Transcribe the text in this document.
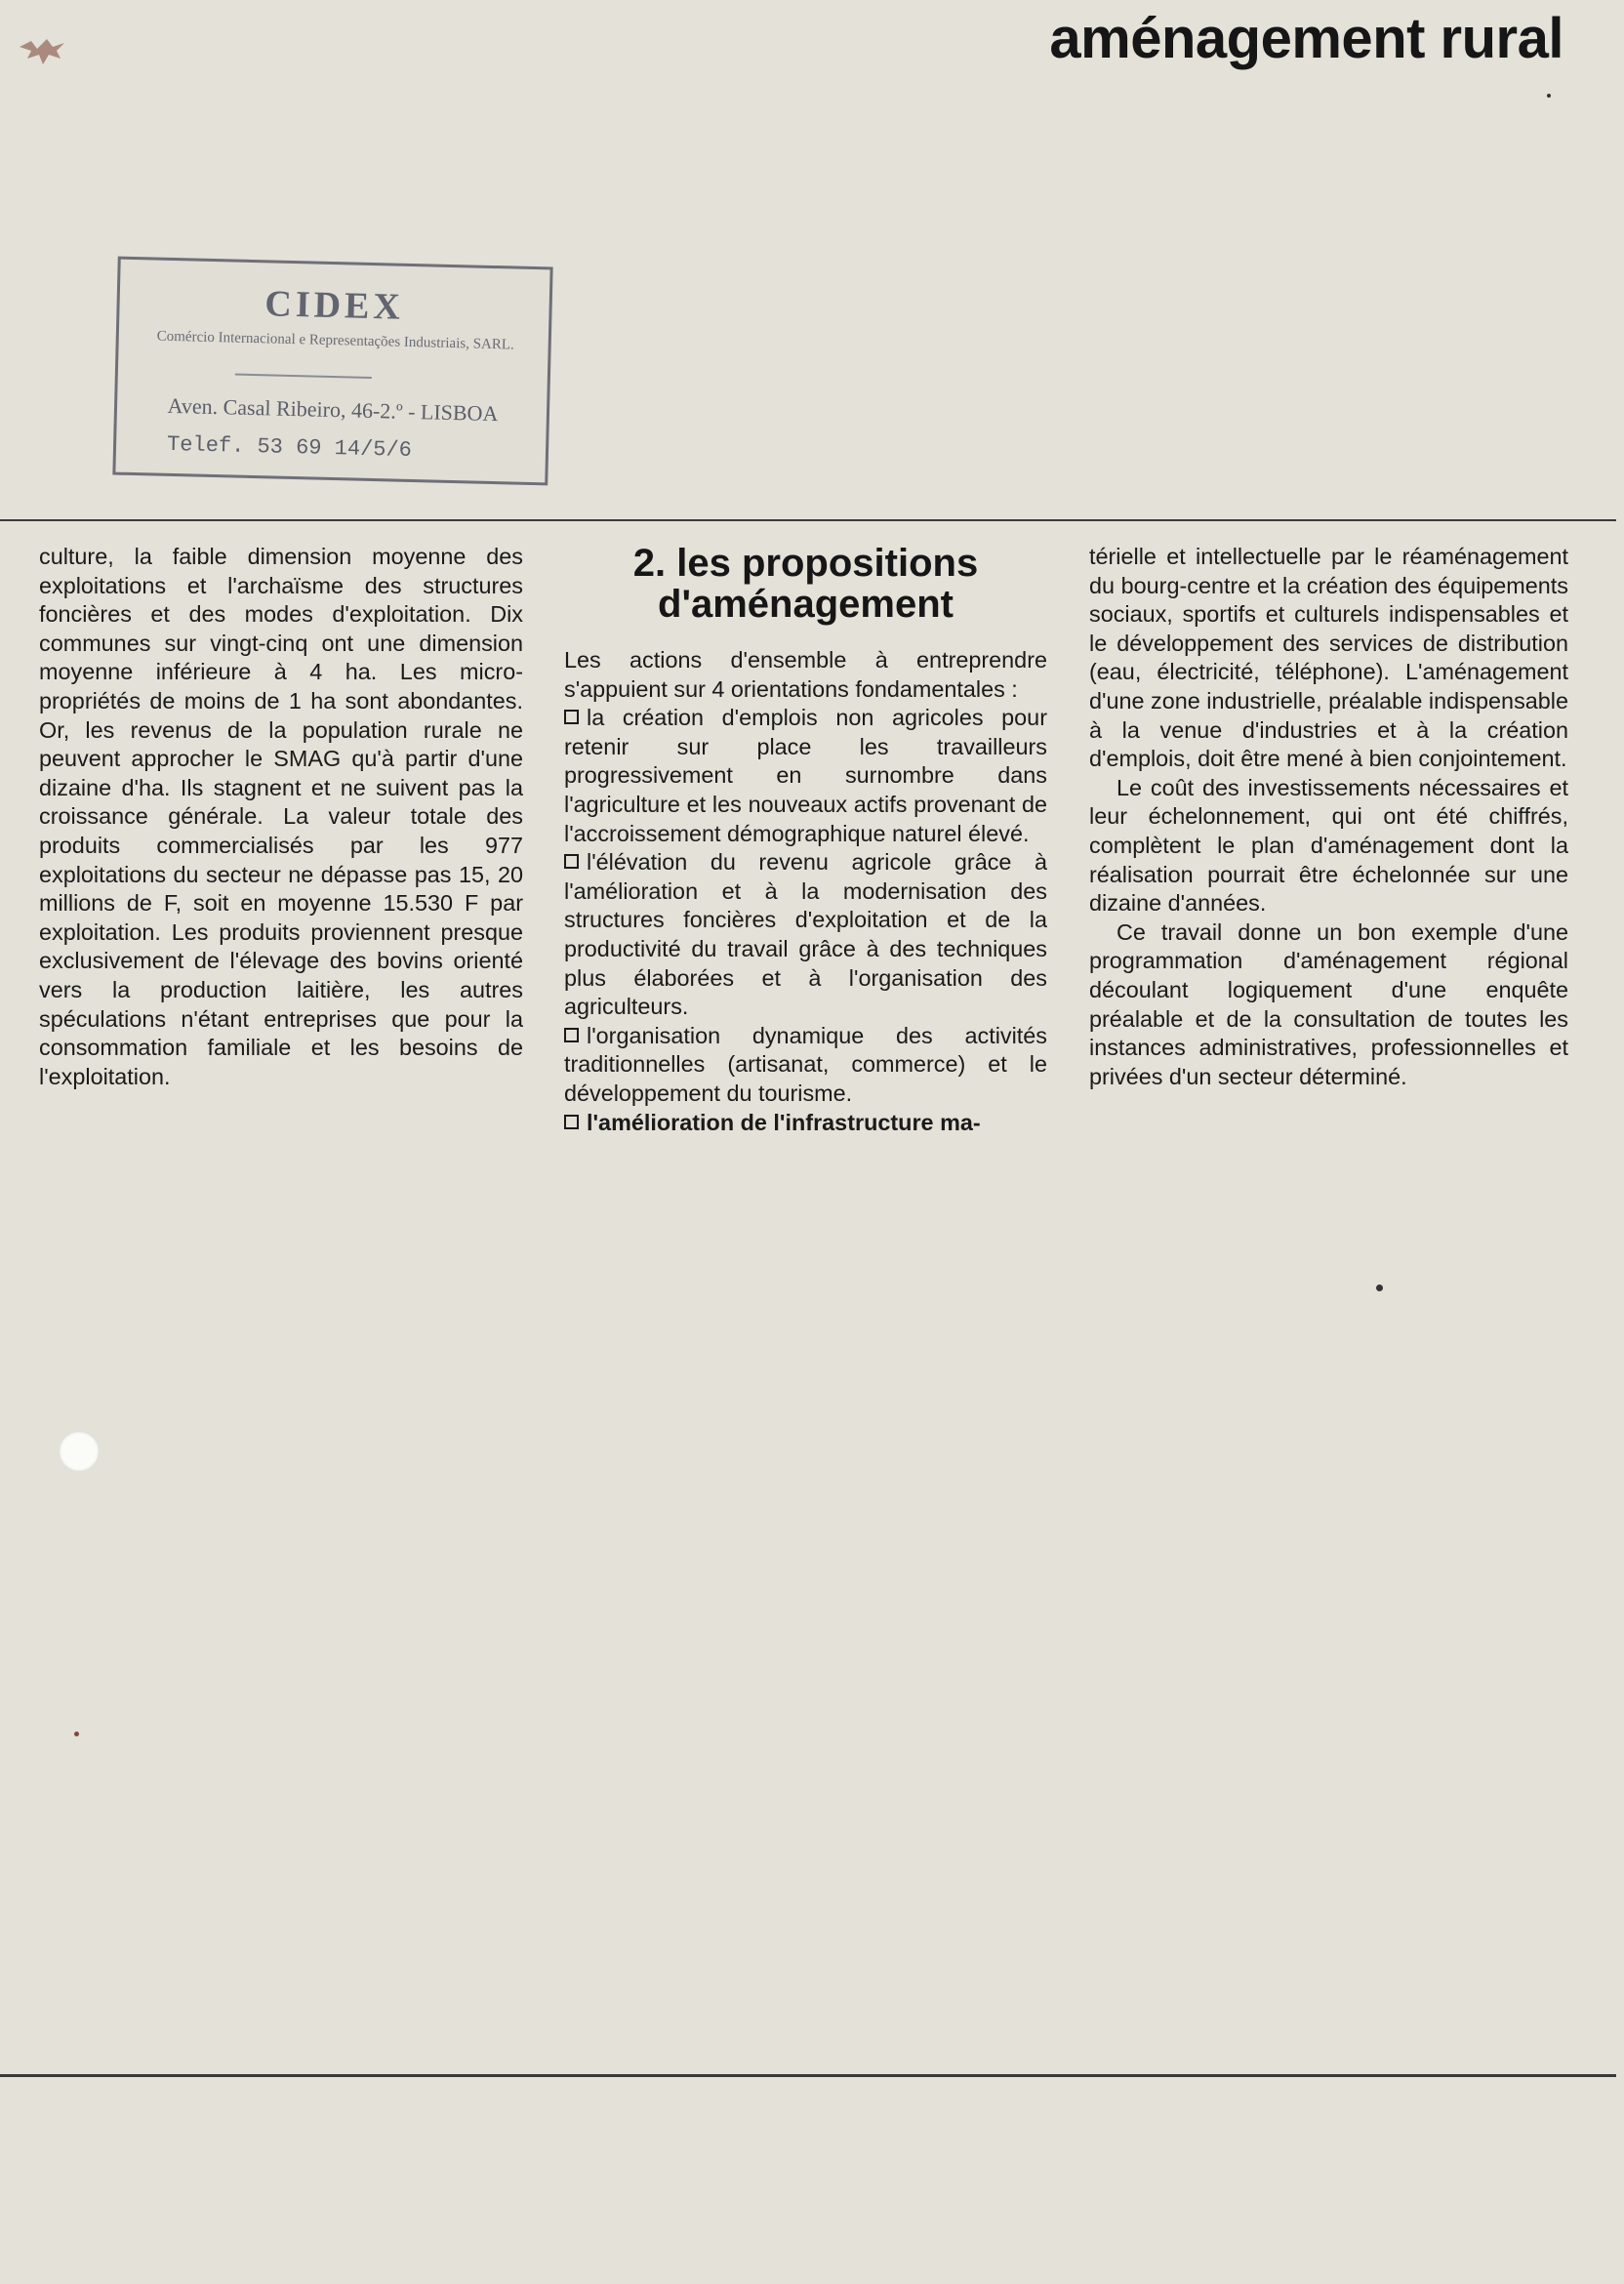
aménagement rural
CIDEX
Comércio Internacional e Representações Industriais, SARL.
Aven. Casal Ribeiro, 46-2.º - LISBOA
Telef. 53 69 14/5/6

culture, la faible dimension moyenne des exploitations et l'archaïsme des structures foncières et des modes d'exploitation. Dix communes sur vingt-cinq ont une dimension moyenne inférieure à 4 ha. Les micro-propriétés de moins de 1 ha sont abondantes. Or, les revenus de la population rurale ne peuvent approcher le SMAG qu'à partir d'une dizaine d'ha. Ils stagnent et ne suivent pas la croissance générale. La valeur totale des produits commercialisés par les 977 exploitations du secteur ne dépasse pas 15, 20 millions de F, soit en moyenne 15.530 F par exploitation. Les produits proviennent presque exclusivement de l'élevage des bovins orienté vers la production laitière, les autres spéculations n'étant entreprises que pour la consommation familiale et les besoins de l'exploitation.

2. les propositions d'aménagement

Les actions d'ensemble à entreprendre s'appuient sur 4 orientations fondamentales :

la création d'emplois non agricoles pour retenir sur place les travailleurs progressivement en surnombre dans l'agriculture et les nouveaux actifs provenant de l'accroissement démographique naturel élevé.

l'élévation du revenu agricole grâce à l'amélioration et à la modernisation des structures foncières d'exploitation et de la productivité du travail grâce à des techniques plus élaborées et à l'organisation des agriculteurs.

l'organisation dynamique des activités traditionnelles (artisanat, commerce) et le développement du tourisme.

l'amélioration de l'infrastructure ma-

térielle et intellectuelle par le réaménagement du bourg-centre et la création des équipements sociaux, sportifs et culturels indispensables et le développement des services de distribution (eau, électricité, téléphone). L'aménagement d'une zone industrielle, préalable indispensable à la venue d'industries et à la création d'emplois, doit être mené à bien conjointement.

Le coût des investissements nécessaires et leur échelonnement, qui ont été chiffrés, complètent le plan d'aménagement dont la réalisation pourrait être échelonnée sur une dizaine d'années.

Ce travail donne un bon exemple d'une programmation d'aménagement régional découlant logiquement d'une enquête préalable et de la consultation de toutes les instances administratives, professionnelles et privées d'un secteur déterminé.
